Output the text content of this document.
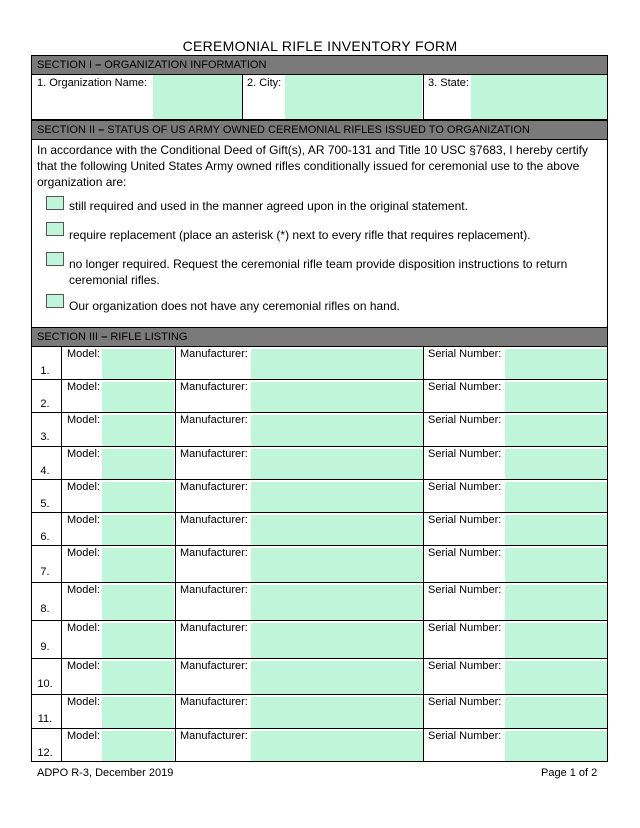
CEREMONIAL RIFLE INVENTORY FORM
SECTION I – ORGANIZATION INFORMATION
1. Organization Name:	2. City:	3. State:
SECTION II – STATUS OF US ARMY OWNED CEREMONIAL RIFLES ISSUED TO ORGANIZATION
In accordance with the Conditional Deed of Gift(s), AR 700-131 and Title 10 USC §7683, I hereby certify that the following United States Army owned rifles conditionally issued for ceremonial use to the above organization are:
still required and used in the manner agreed upon in the original statement.
require replacement (place an asterisk (*) next to every rifle that requires replacement).
no longer required. Request the ceremonial rifle team provide disposition instructions to return ceremonial rifles.
Our organization does not have any ceremonial rifles on hand.
SECTION III – RIFLE LISTING
1.
Model:	Manufacturer:	Serial Number:
2.
Model:	Manufacturer:	Serial Number:
3.
Model:	Manufacturer:	Serial Number:
4.
Model:	Manufacturer:	Serial Number:
5.
Model:	Manufacturer:	Serial Number:
6.
Model:	Manufacturer:	Serial Number:
7.
Model:	Manufacturer:	Serial Number:
8.
Model:	Manufacturer:	Serial Number:
9.
Model:	Manufacturer:	Serial Number:
10.
Model:	Manufacturer:	Serial Number:
11.
Model:	Manufacturer:	Serial Number:
12.
Model:	Manufacturer:	Serial Number:
ADPO R-3, December 2019	Page 1 of 2
